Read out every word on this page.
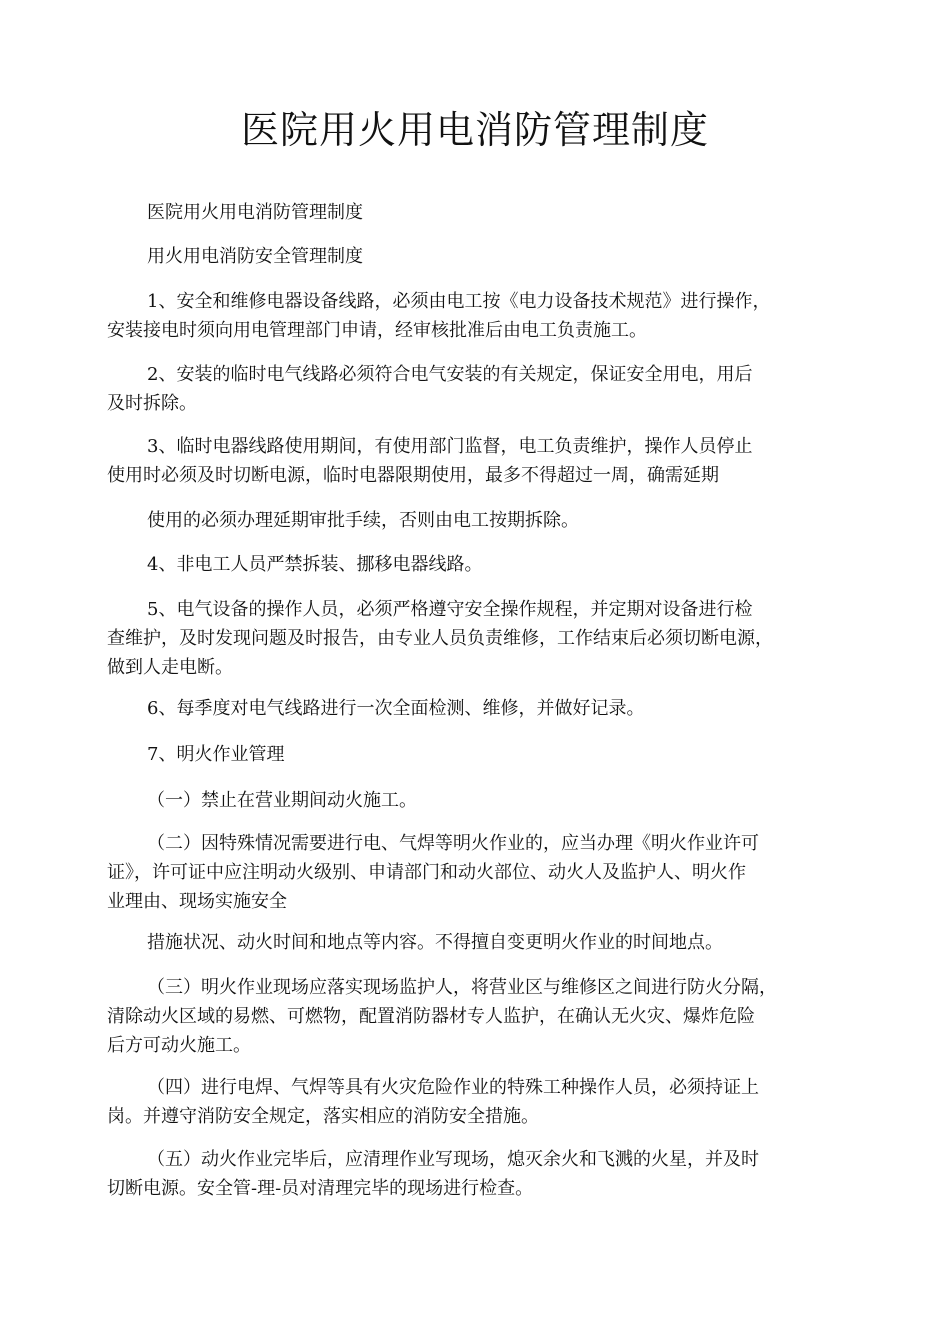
医院用火用电消防管理制度

医院用火用电消防管理制度

用火用电消防安全管理制度

1、安全和维修电器设备线路，必须由电工按《电力设备技术规范》进行操作，
安装接电时须向用电管理部门申请，经审核批准后由电工负责施工。

2、安装的临时电气线路必须符合电气安装的有关规定，保证安全用电，用后
及时拆除。

3、临时电器线路使用期间，有使用部门监督，电工负责维护，操作人员停止
使用时必须及时切断电源，临时电器限期使用，最多不得超过一周，确需延期

使用的必须办理延期审批手续，否则由电工按期拆除。

4、非电工人员严禁拆装、挪移电器线路。

5、电气设备的操作人员，必须严格遵守安全操作规程，并定期对设备进行检
查维护，及时发现问题及时报告，由专业人员负责维修，工作结束后必须切断电源，
做到人走电断。

6、每季度对电气线路进行一次全面检测、维修，并做好记录。

7、明火作业管理

（一）禁止在营业期间动火施工。

（二）因特殊情况需要进行电、气焊等明火作业的，应当办理《明火作业许可
证》，许可证中应注明动火级别、申请部门和动火部位、动火人及监护人、明火作
业理由、现场实施安全

措施状况、动火时间和地点等内容。不得擅自变更明火作业的时间地点。

（三）明火作业现场应落实现场监护人，将营业区与维修区之间进行防火分隔，
清除动火区域的易燃、可燃物，配置消防器材专人监护，在确认无火灾、爆炸危险
后方可动火施工。

（四）进行电焊、气焊等具有火灾危险作业的特殊工种操作人员，必须持证上
岗。并遵守消防安全规定，落实相应的消防安全措施。

（五）动火作业完毕后，应清理作业写现场，熄灭余火和飞溅的火星，并及时
切断电源。安全管-理-员对清理完毕的现场进行检查。
